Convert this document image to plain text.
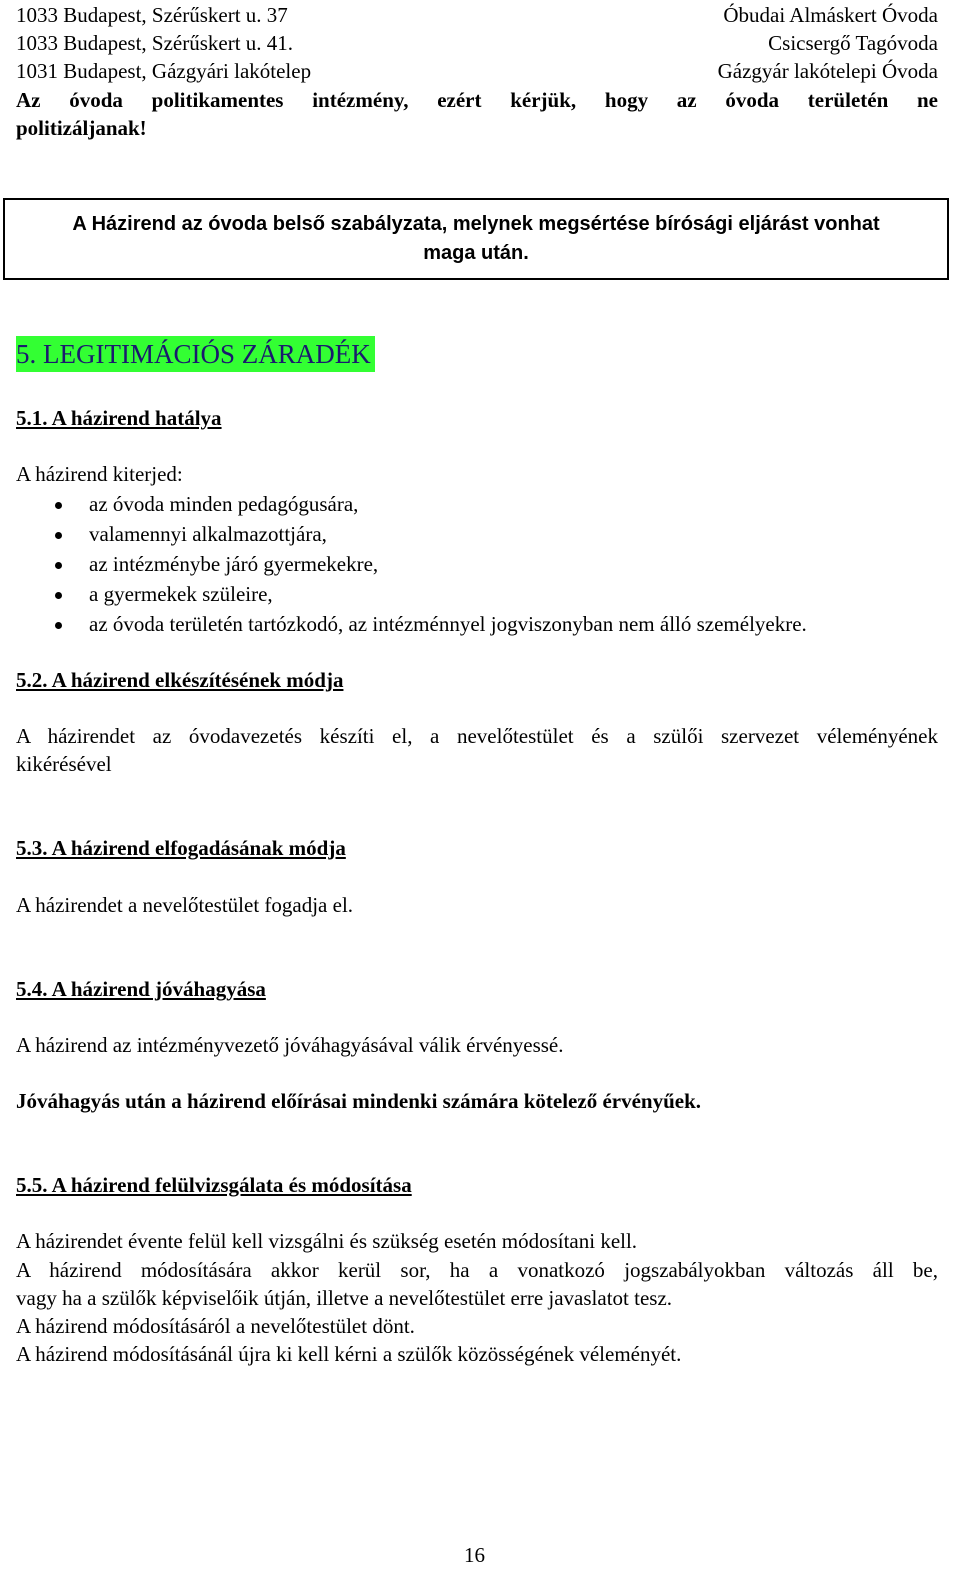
1033 Budapest, Szérűskert u. 37	Óbudai Almáskert Óvoda
1033 Budapest, Szérűskert u. 41.	Csicsergő Tagóvoda
1031 Budapest, Gázgyári lakótelep	Gázgyár lakótelepi Óvoda
Az óvoda politikamentes intézmény, ezért kérjük, hogy az óvoda területén ne
politizáljanak!
A Házirend az óvoda belső szabályzata, melynek megsértése bírósági eljárást vonhat
maga után.
5. LEGITIMÁCIÓS ZÁRADÉK
5.1. A házirend hatálya
A házirend kiterjed:
az óvoda minden pedagógusára,
valamennyi alkalmazottjára,
az intézménybe járó gyermekekre,
a gyermekek szüleire,
az óvoda területén tartózkodó, az intézménnyel jogviszonyban nem álló személyekre.
5.2. A házirend elkészítésének módja
A házirendet az óvodavezetés készíti el, a nevelőtestület és a szülői szervezet véleményének
kikérésével
5.3. A házirend elfogadásának módja
A házirendet a nevelőtestület fogadja el.
5.4. A házirend jóváhagyása
A házirend az intézményvezető jóváhagyásával válik érvényessé.
Jóváhagyás után a házirend előírásai mindenki számára kötelező érvényűek.
5.5. A házirend felülvizsgálata és módosítása
A házirendet évente felül kell vizsgálni és szükség esetén módosítani kell.
A házirend módosítására akkor kerül sor, ha a vonatkozó jogszabályokban változás áll be,
vagy ha a szülők képviselőik útján, illetve a nevelőtestület erre javaslatot tesz.
A házirend módosításáról a nevelőtestület dönt.
A házirend módosításánál újra ki kell kérni a szülők közösségének véleményét.
16
